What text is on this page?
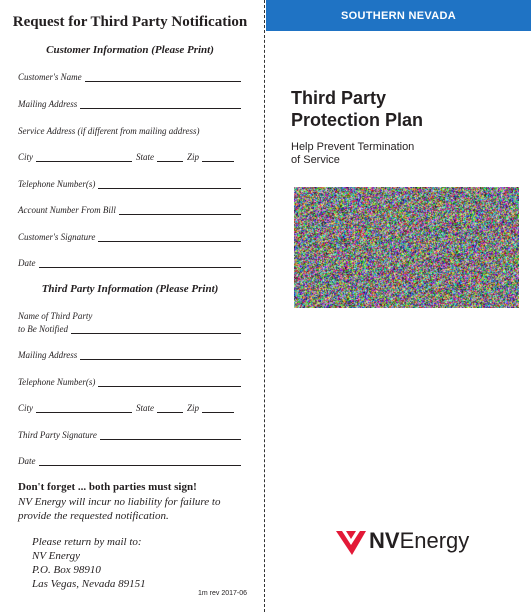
Request for Third Party Notification
Customer Information (Please Print)
Customer's Name
Mailing Address
Service Address (if different from mailing address)
City	State	Zip
Telephone Number(s)
Account Number From Bill
Customer's Signature
Date
Third Party Information (Please Print)
Name of Third Party
to Be Notified
Mailing Address
Telephone Number(s)
City	State	Zip
Third Party Signature
Date
Don't forget ... both parties must sign!
NV Energy will incur no liability for failure to provide the requested notification.
Please return by mail to:
NV Energy
P.O. Box 98910
Las Vegas, Nevada 89151
1m rev 2017-06
SOUTHERN NEVADA
Third Party
Protection Plan
Help Prevent Termination
of Service
NVEnergy
